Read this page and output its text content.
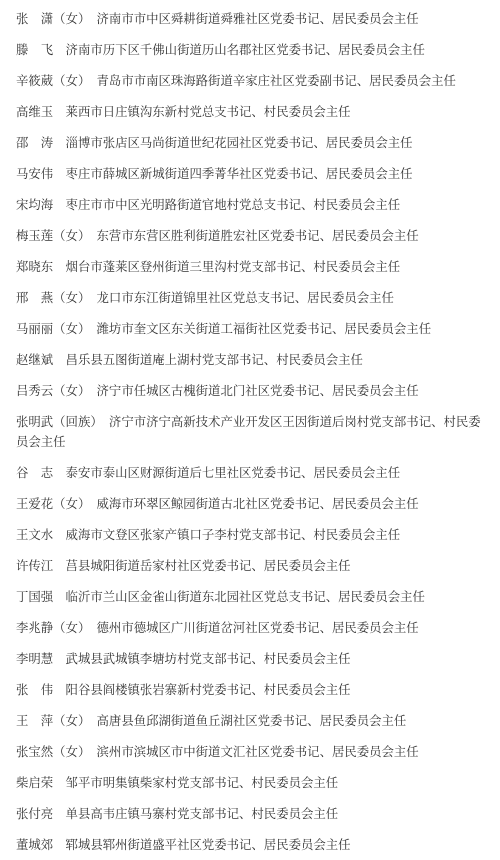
张　潇（女）　济南市市中区舜耕街道舜雅社区党委书记、居民委员会主任
滕　飞　济南市历下区千佛山街道历山名郡社区党委书记、居民委员会主任
辛筱葳（女）　青岛市市南区珠海路街道辛家庄社区党委副书记、居民委员会主任
高维玉　莱西市日庄镇沟东新村党总支书记、村民委员会主任
邵　涛　淄博市张店区马尚街道世纪花园社区党委书记、居民委员会主任
马安伟　枣庄市薛城区新城街道四季菁华社区党委书记、居民委员会主任
宋均海　枣庄市市中区光明路街道官地村党总支书记、村民委员会主任
梅玉莲（女）　东营市东营区胜利街道胜宏社区党委书记、居民委员会主任
郑晓东　烟台市蓬莱区登州街道三里沟村党支部书记、村民委员会主任
邢　燕（女）　龙口市东江街道锦里社区党总支书记、居民委员会主任
马丽丽（女）　潍坊市奎文区东关街道工福街社区党委书记、居民委员会主任
赵继斌　昌乐县五图街道庵上湖村党支部书记、村民委员会主任
吕秀云（女）　济宁市任城区古槐街道北门社区党委书记、居民委员会主任
张明武（回族）　济宁市济宁高新技术产业开发区王因街道后岗村党支部书记、村民委员会主任
谷　志　泰安市泰山区财源街道后七里社区党委书记、居民委员会主任
王爱花（女）　威海市环翠区鲸园街道古北社区党委书记、居民委员会主任
王文水　威海市文登区张家产镇口子李村党支部书记、村民委员会主任
许传江　莒县城阳街道岳家村社区党委书记、居民委员会主任
丁国强　临沂市兰山区金雀山街道东北园社区党总支书记、居民委员会主任
李兆静（女）　德州市德城区广川街道岔河社区党委书记、居民委员会主任
李明慧　武城县武城镇李塘坊村党支部书记、村民委员会主任
张　伟　阳谷县阎楼镇张岩寨新村党委书记、村民委员会主任
王　萍（女）　高唐县鱼邱湖街道鱼丘湖社区党委书记、居民委员会主任
张宝然（女）　滨州市滨城区市中街道文汇社区党委书记、居民委员会主任
柴启荣　邹平市明集镇柴家村党支部书记、村民委员会主任
张付亮　单县高韦庄镇马寨村党支部书记、村民委员会主任
董城郊　郓城县郓州街道盛平社区党委书记、居民委员会主任
